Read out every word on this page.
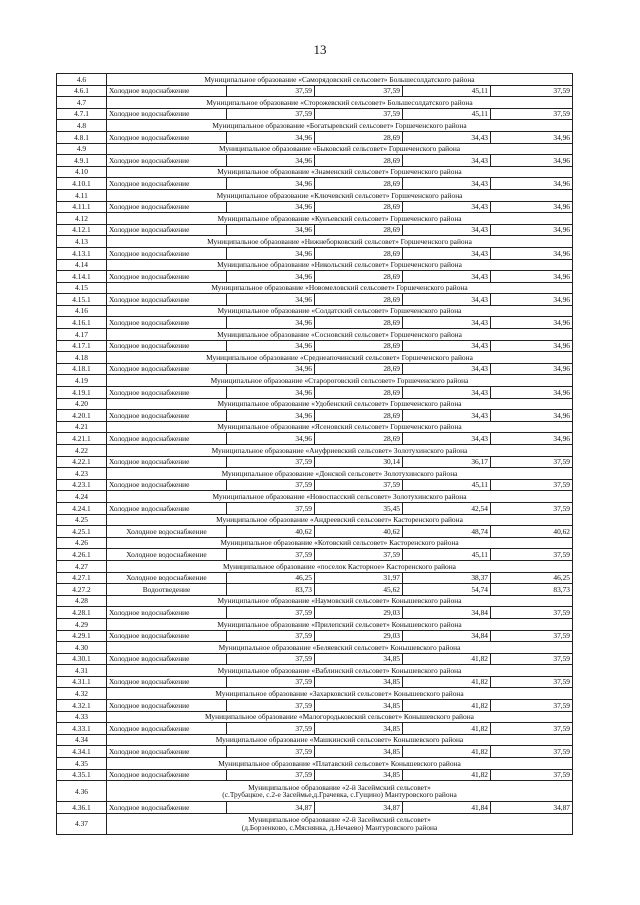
13
4.6	Муниципальное образование «Саморядовский сельсовет» Большесолдатского района				
4.6.1	Холодное водоснабжение	37,59	37,59	45,11	37,59
4.7	Муниципальное образование «Сторожевский сельсовет» Большесолдатского района				
4.7.1	Холодное водоснабжение	37,59	37,59	45,11	37,59
4.8	Муниципальное образование «Богатыревский сельсовет» Горшеченского района				
4.8.1	Холодное водоснабжение	34,96	28,69	34,43	34,96
4.9	Муниципальное образование «Быковский сельсовет» Горшеченского района				
4.9.1	Холодное водоснабжение	34,96	28,69	34,43	34,96
4.10	Муниципальное образование «Знаменский сельсовет» Горшеченского района				
4.10.1	Холодное водоснабжение	34,96	28,69	34,43	34,96
4.11	Муниципальное образование «Ключевский сельсовет» Горшеченского района				
4.11.1	Холодное водоснабжение	34,96	28,69	34,43	34,96
4.12	Муниципальное образование «Кунъевский сельсовет» Горшеченского района				
4.12.1	Холодное водоснабжение	34,96	28,69	34,43	34,96
4.13	Муниципальное образование «Нижнеборковский сельсовет» Горшеченского района				
4.13.1	Холодное водоснабжение	34,96	28,69	34,43	34,96
4.14	Муниципальное образование «Никольский сельсовет» Горшеченского района				
4.14.1	Холодное водоснабжение	34,96	28,69	34,43	34,96
4.15	Муниципальное образование «Новомеловский сельсовет» Горшеченского района				
4.15.1	Холодное водоснабжение	34,96	28,69	34,43	34,96
4.16	Муниципальное образование «Солдатский сельсовет» Горшеченского района				
4.16.1	Холодное водоснабжение	34,96	28,69	34,43	34,96
4.17	Муниципальное образование «Сосновский сельсовет» Горшеченского района				
4.17.1	Холодное водоснабжение	34,96	28,69	34,43	34,96
4.18	Муниципальное образование «Среднеапочинский сельсовет» Горшеченского района				
4.18.1	Холодное водоснабжение	34,96	28,69	34,43	34,96
4.19	Муниципальное образование «Старороговский сельсовет» Горшеченского района				
4.19.1	Холодное водоснабжение	34,96	28,69	34,43	34,96
4.20	Муниципальное образование «Удобенский сельсовет» Горшеченского района				
4.20.1	Холодное водоснабжение	34,96	28,69	34,43	34,96
4.21	Муниципальное образование «Ясеновский сельсовет» Горшеченского района				
4.21.1	Холодное водоснабжение	34,96	28,69	34,43	34,96
4.22	Муниципальное образование «Ануфриевский сельсовет» Золотухинского района				
4.22.1	Холодное водоснабжение	37,59	30,14	36,17	37,59
4.23	Муниципальное образование «Донской сельсовет» Золотухинского района				
4.23.1	Холодное водоснабжение	37,59	37,59	45,11	37,59
4.24	Муниципальное образование «Новоспасский сельсовет» Золотухинского района				
4.24.1	Холодное водоснабжение	37,59	35,45	42,54	37,59
4.25	Муниципальное образование «Андреевский сельсовет» Касторенского района				
4.25.1	Холодное водоснабжение	40,62	40,62	48,74	40,62
4.26	Муниципальное образование «Котовский сельсовет» Касторенского района				
4.26.1	Холодное водоснабжение	37,59	37,59	45,11	37,59
4.27	Муниципальное образование «поселок Касторное» Касторенского района				
4.27.1	Холодное водоснабжение	46,25	31,97	38,37	46,25
4.27.2	Водоотведение	83,73	45,62	54,74	83,73
4.28	Муниципальное образование «Наумовский сельсовет» Конышевского района				
4.28.1	Холодное водоснабжение	37,59	29,03	34,84	37,59
4.29	Муниципальное образование «Прилепский сельсовет» Конышевского района				
4.29.1	Холодное водоснабжение	37,59	29,03	34,84	37,59
4.30	Муниципальное образование «Беляевский сельсовет» Конышевского района				
4.30.1	Холодное водоснабжение	37,59	34,85	41,82	37,59
4.31	Муниципальное образование «Ваблинский сельсовет» Конышевского района				
4.31.1	Холодное водоснабжение	37,59	34,85	41,82	37,59
4.32	Муниципальное образование «Захарковский сельсовет» Конышевского района				
4.32.1	Холодное водоснабжение	37,59	34,85	41,82	37,59
4.33	Муниципальное образование «Малогородьковский сельсовет» Конышевского района				
4.33.1	Холодное водоснабжение	37,59	34,85	41,82	37,59
4.34	Муниципальное образование «Машкинский сельсовет» Конышевского района				
4.34.1	Холодное водоснабжение	37,59	34,85	41,82	37,59
4.35	Муниципальное образование «Платавский сельсовет» Конышевского района				
4.35.1	Холодное водоснабжение	37,59	34,85	41,82	37,59
4.36	Муниципальное образование «2-й Засеймский сельсовет»
(с.Трубацкое, с.2-е Засеймье,д.Грачевка, с.Гущино) Мантуровского района				

4.36.1	Холодное водоснабжение	34,87	34,87	41,84	34,87
4.37	Муниципальное образование «2-й Засеймский сельсовет»
(д.Борзенково, с.Мяснянка, д.Нечаево) Мантуровского района				
